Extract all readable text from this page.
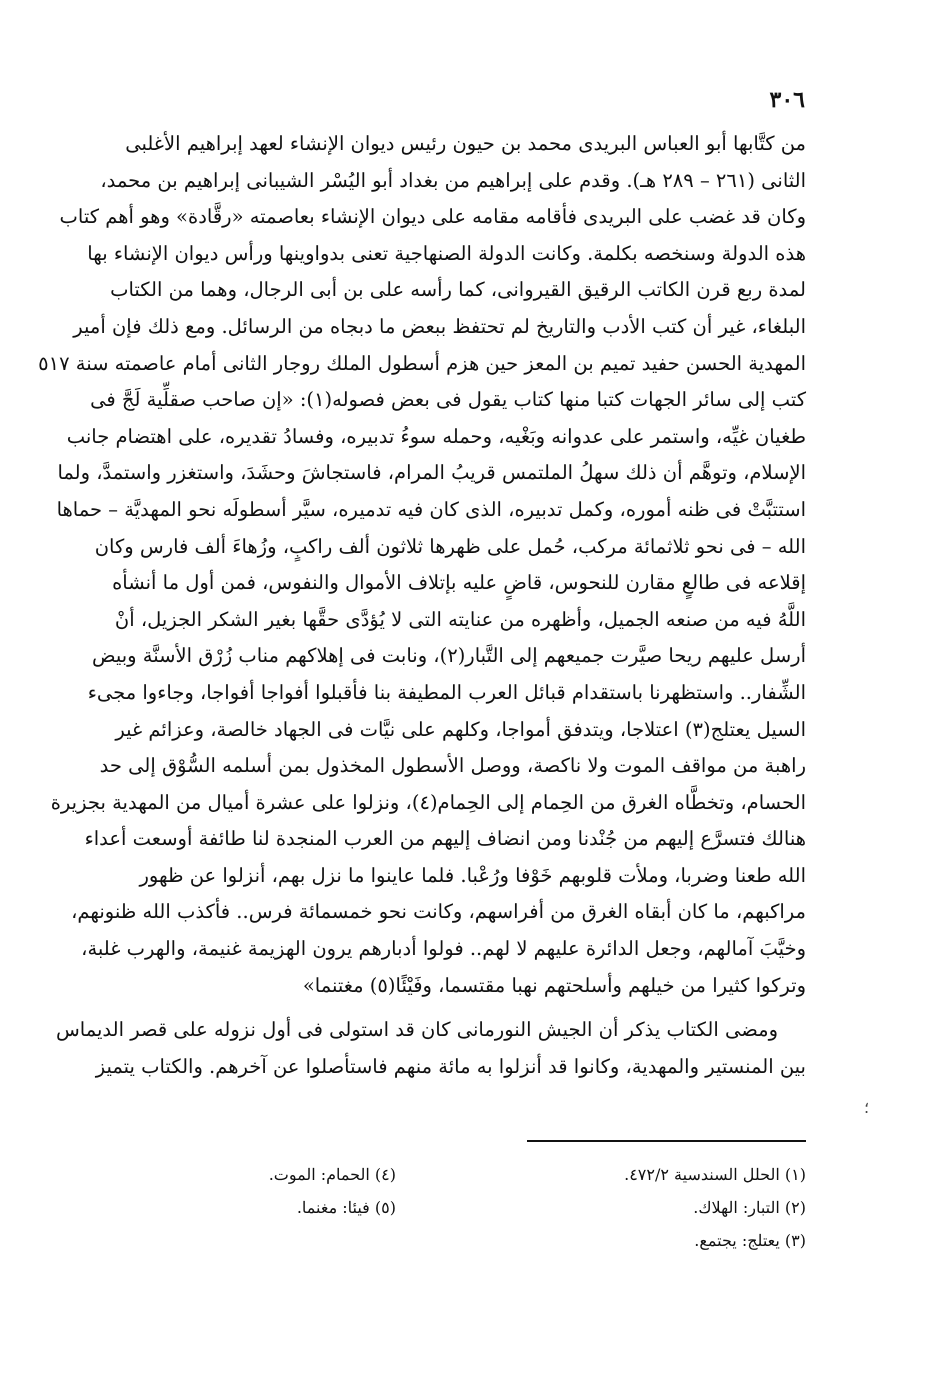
٣٠٦
من كتَّابها أبو العباس البريدى محمد بن حيون رئيس ديوان الإنشاء لعهد إبراهيم الأغلبى
الثانى (٢٦١ – ٢٨٩ هـ). وقدم على إبراهيم من بغداد أبو اليُسْر الشيبانى إبراهيم بن محمد،
وكان قد غضب على البريدى فأقامه مقامه على ديوان الإنشاء بعاصمته «رقَّادة» وهو أهم كتاب
هذه الدولة وسنخصه بكلمة. وكانت الدولة الصنهاجية تعنى بدواوينها ورأس ديوان الإنشاء بها
لمدة ربع قرن الكاتب الرقيق القيروانى، كما رأسه على بن أبى الرجال، وهما من الكتاب
البلغاء، غير أن كتب الأدب والتاريخ لم تحتفظ ببعض ما دبجاه من الرسائل. ومع ذلك فإن أمير
المهدية الحسن حفيد تميم بن المعز حين هزم أسطول الملك روجار الثانى أمام عاصمته سنة ٥١٧
كتب إلى سائر الجهات كتبا منها كتاب يقول فى بعض فصوله(١): «إن صاحب صقلِّية لَجَّ فى
طغيان غيِّه، واستمر على عدوانه وبَغْيه، وحمله سوءُ تدبيره، وفسادُ تقديره، على اهتضام جانب
الإسلام، وتوهَّم أن ذلك سهلُ الملتمس قريبُ المرام، فاستجاشَ وحشَدَ، واستغزر واستمدَّ، ولما
استتبَّتْ فى ظنه أموره، وكمل تدبيره، الذى كان فيه تدميره، سيَّر أسطولَه نحو المهديَّة – حماها
الله – فى نحو ثلاثمائة مركب، حُمل على ظهرها ثلاثون ألف راكبٍ، وزُهاءَ ألف فارس وكان
إقلاعه فى طالعٍ مقارن للنحوس، قاضٍ عليه بإتلاف الأموال والنفوس، فمن أول ما أنشأه
اللَّهُ فيه من صنعه الجميل، وأظهره من عنايته التى لا يُؤدَّى حقَّها بغير الشكر الجزيل، أنْ
أرسل عليهم ريحا صيَّرت جميعهم إلى التَّبار(٢)، ونابت فى إهلاكهم مناب زُرْق الأسنَّة وبيض
الشِّفار.. واستظهرنا باستقدام قبائل العرب المطيفة بنا فأقبلوا أفواجا أفواجا، وجاءوا مجىء
السيل يعتلج(٣) اعتلاجا، ويتدفق أمواجا، وكلهم على نيَّات فى الجهاد خالصة، وعزائم غير
راهبة من مواقف الموت ولا ناكصة، ووصل الأسطول المخذول بمن أسلمه السُّوْق إلى حد
الحسام، وتخطَّاه الغرق من الحِمام إلى الحِمام(٤)، ونزلوا على عشرة أميال من المهدية بجزيرة
هنالك فتسرَّع إليهم من جُنْدنا ومن انضاف إليهم من العرب المنجدة لنا طائفة أوسعت أعداء
الله طعنا وضربا، وملأت قلوبهم خَوْفا ورُعْبا. فلما عاينوا ما نزل بهم، أنزلوا عن ظهور
مراكبهم، ما كان أبقاه الغرق من أفراسهم، وكانت نحو خمسمائة فرس.. فأكذب الله ظنونهم،
وخيَّبَ آمالهم، وجعل الدائرة عليهم لا لهم.. فولوا أدبارهم يرون الهزيمة غنيمة، والهرب غلبة،
وتركوا كثيرا من خيلهم وأسلحتهم نهبا مقتسما، وفَيْئًا(٥) مغتنما»
ومضى الكتاب يذكر أن الجيش النورمانى كان قد استولى فى أول نزوله على قصر الديماس
بين المنستير والمهدية، وكانوا قد أنزلوا به مائة منهم فاستأصلوا عن آخرهم. والكتاب يتميز
؛
(١) الحلل السندسية ٤٧٢/٢.
(٢) التبار: الهلاك.
(٣) يعتلج: يجتمع.
(٤) الحمام: الموت.
(٥) فيئا: مغنما.
